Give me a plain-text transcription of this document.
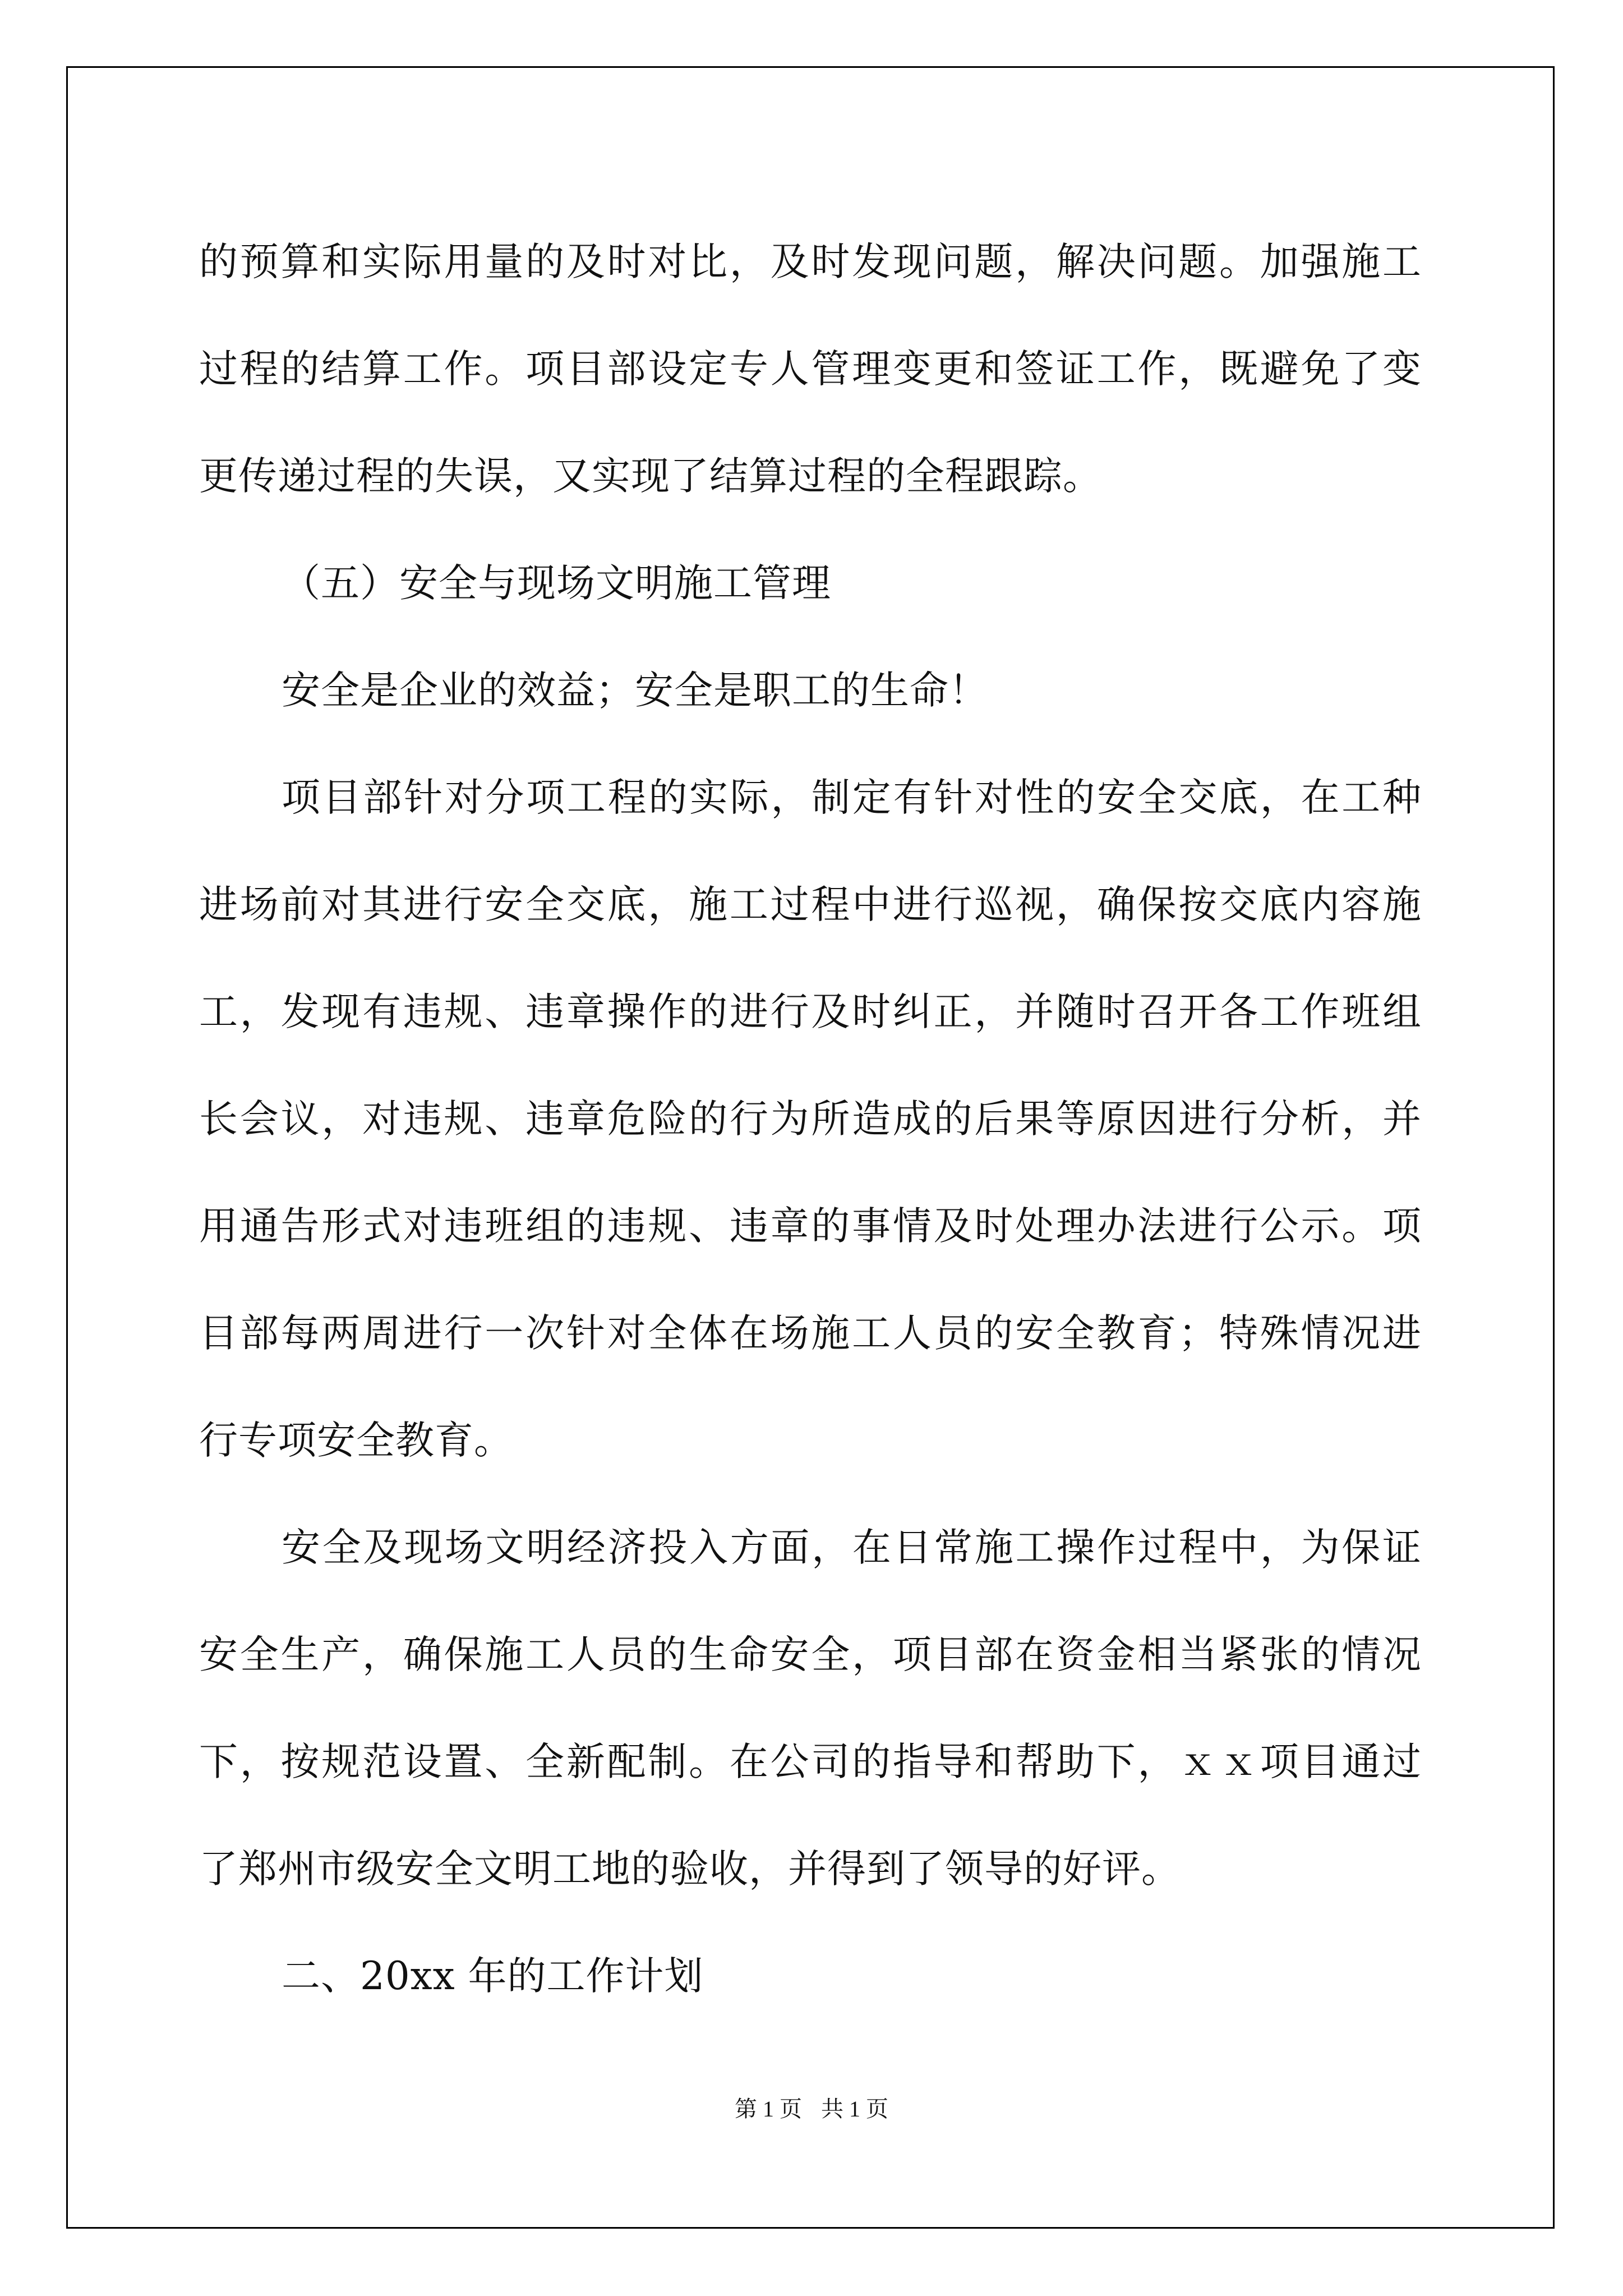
的预算和实际用量的及时对比，及时发现问题，解决问题。加强施工
过程的结算工作。项目部设定专人管理变更和签证工作，既避免了变
更传递过程的失误，又实现了结算过程的全程跟踪。
（五）安全与现场文明施工管理
安全是企业的效益；安全是职工的生命！
项目部针对分项工程的实际，制定有针对性的安全交底，在工种
进场前对其进行安全交底，施工过程中进行巡视，确保按交底内容施
工，发现有违规、违章操作的进行及时纠正，并随时召开各工作班组
长会议，对违规、违章危险的行为所造成的后果等原因进行分析，并
用通告形式对违班组的违规、违章的事情及时处理办法进行公示。项
目部每两周进行一次针对全体在场施工人员的安全教育；特殊情况进
行专项安全教育。
安全及现场文明经济投入方面，在日常施工操作过程中，为保证
安全生产，确保施工人员的生命安全，项目部在资金相当紧张的情况
下，按规范设置、全新配制。在公司的指导和帮助下，ｘｘ项目通过
了郑州市级安全文明工地的验收，并得到了领导的好评。
二、20xx 年的工作计划
第 1 页 共 1 页
